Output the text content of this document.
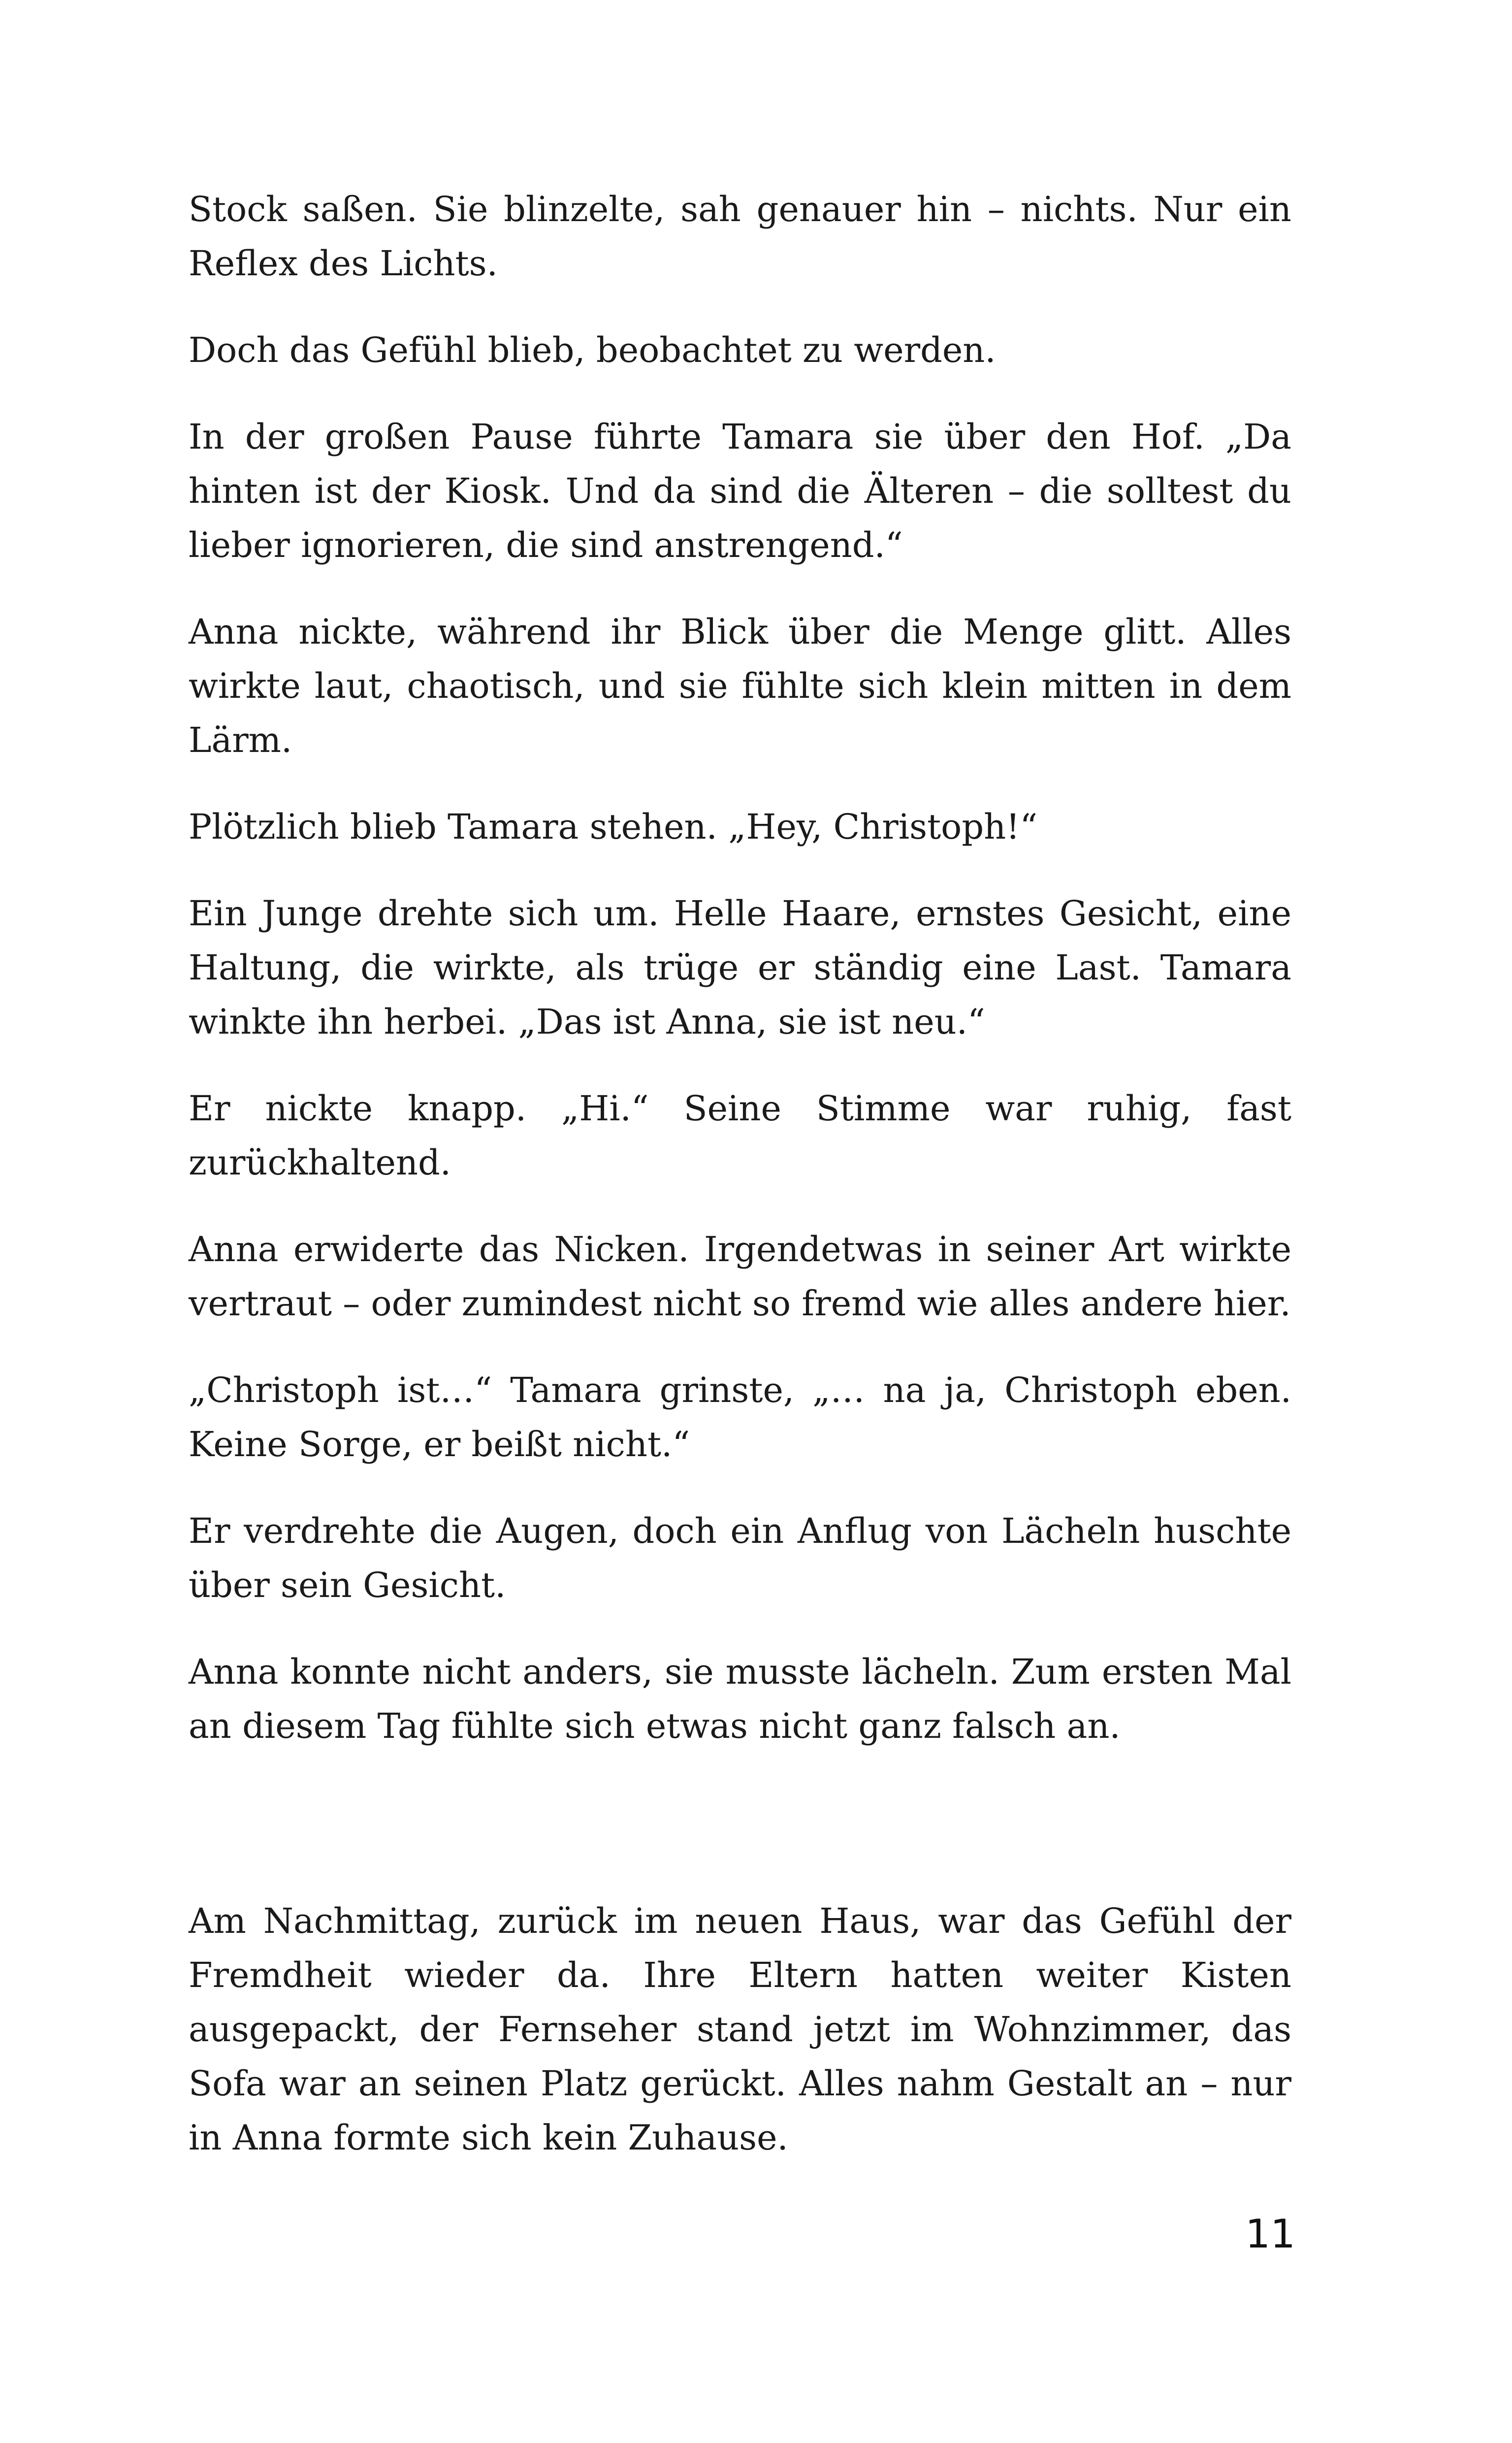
Stock saßen. Sie blinzelte, sah genauer hin – nichts. Nur ein Reflex des Lichts.

Doch das Gefühl blieb, beobachtet zu werden.

In der großen Pause führte Tamara sie über den Hof. „Da hinten ist der Kiosk. Und da sind die Älteren – die solltest du lieber ignorieren, die sind anstrengend.“

Anna nickte, während ihr Blick über die Menge glitt. Alles wirkte laut, chaotisch, und sie fühlte sich klein mitten in dem Lärm.

Plötzlich blieb Tamara stehen. „Hey, Christoph!“

Ein Junge drehte sich um. Helle Haare, ernstes Gesicht, eine Haltung, die wirkte, als trüge er ständig eine Last. Tamara winkte ihn herbei. „Das ist Anna, sie ist neu.“

Er nickte knapp. „Hi.“ Seine Stimme war ruhig, fast zurückhaltend.

Anna erwiderte das Nicken. Irgendetwas in seiner Art wirkte vertraut – oder zumindest nicht so fremd wie alles andere hier.

„Christoph ist…“ Tamara grinste, „… na ja, Christoph eben. Keine Sorge, er beißt nicht.“

Er verdrehte die Augen, doch ein Anflug von Lächeln huschte über sein Gesicht.

Anna konnte nicht anders, sie musste lächeln. Zum ersten Mal an diesem Tag fühlte sich etwas nicht ganz falsch an.

Am Nachmittag, zurück im neuen Haus, war das Gefühl der Fremdheit wieder da. Ihre Eltern hatten weiter Kisten ausgepackt, der Fernseher stand jetzt im Wohnzimmer, das Sofa war an seinen Platz gerückt. Alles nahm Gestalt an – nur in Anna formte sich kein Zuhause.

11
